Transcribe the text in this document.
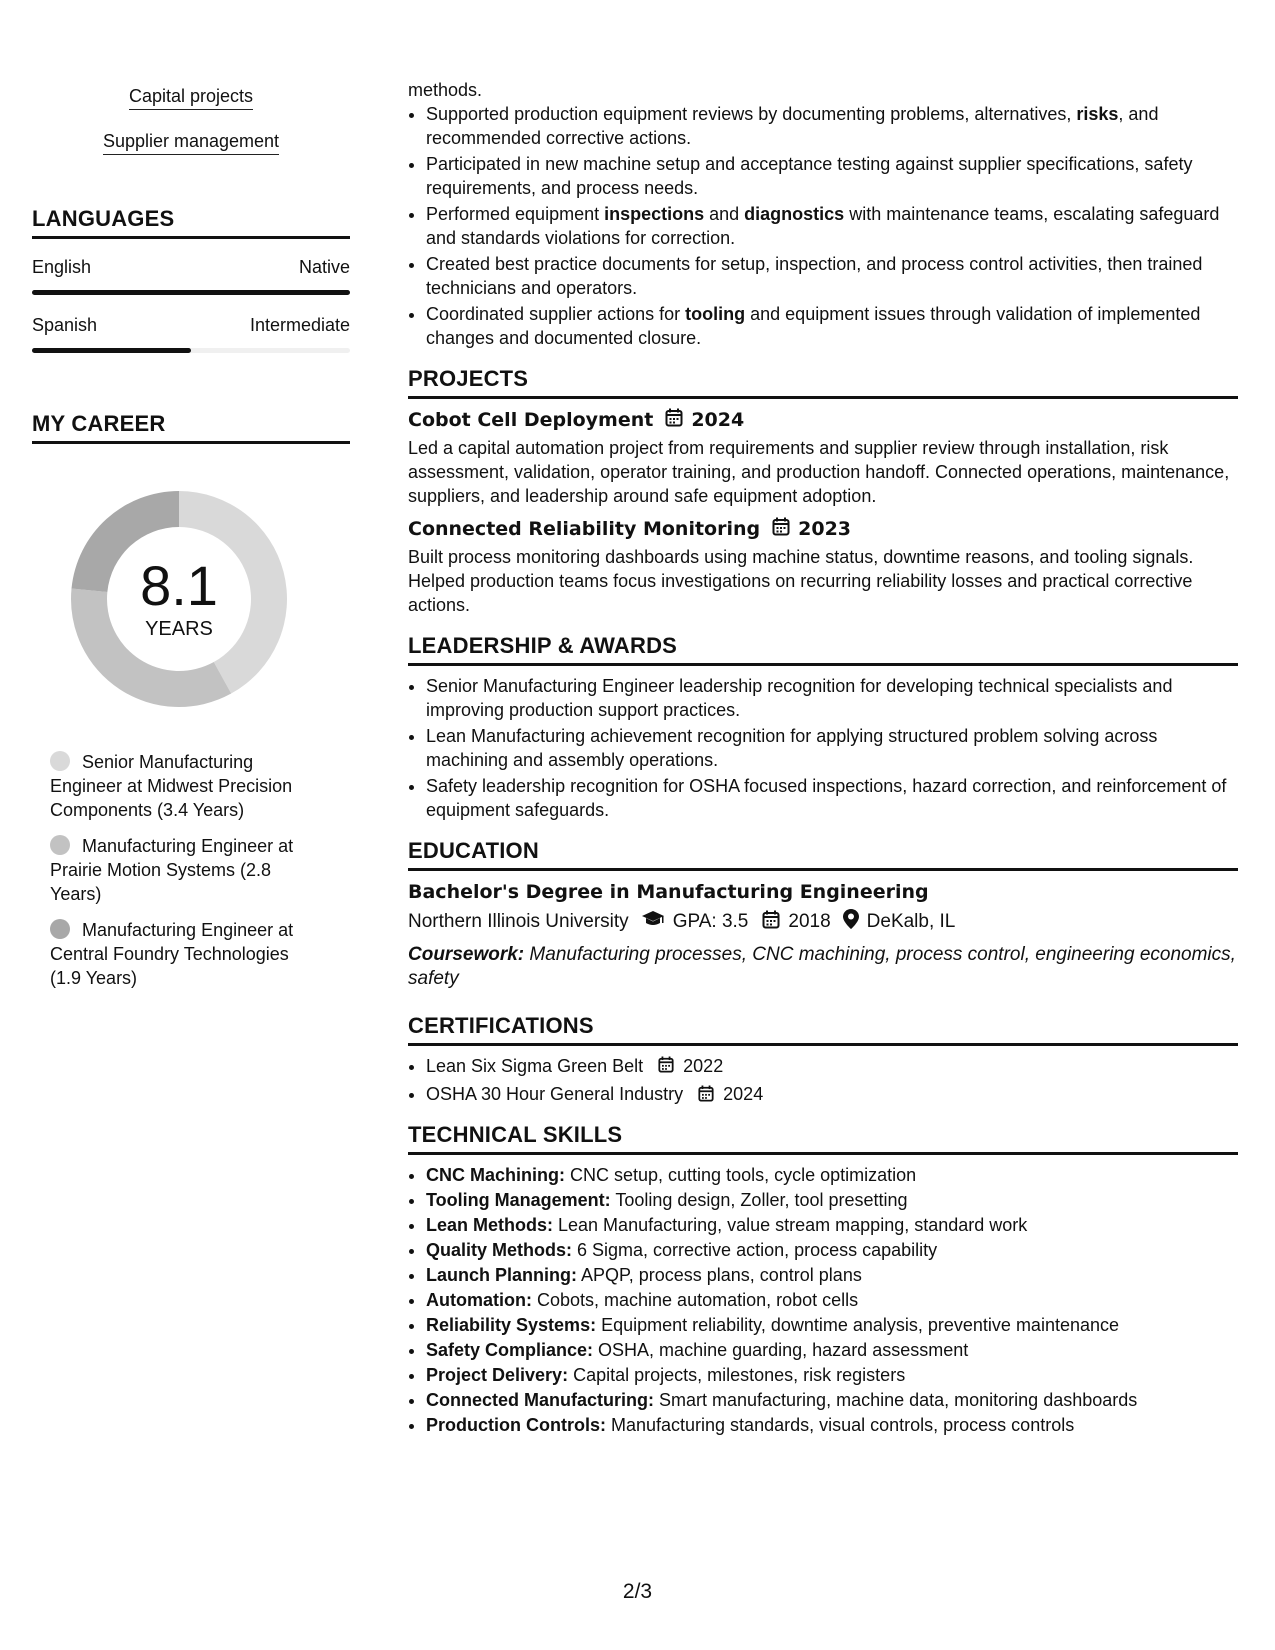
Capital projects
Supplier management
LANGUAGES
English	Native
Spanish	Intermediate
MY CAREER
8.1
YEARS
Senior Manufacturing Engineer at Midwest Precision Components (3.4 Years)
Manufacturing Engineer at Prairie Motion Systems (2.8 Years)
Manufacturing Engineer at Central Foundry Technologies (1.9 Years)
methods.
• Supported production equipment reviews by documenting problems, alternatives, risks, and recommended corrective actions.
• Participated in new machine setup and acceptance testing against supplier specifications, safety requirements, and process needs.
• Performed equipment inspections and diagnostics with maintenance teams, escalating safeguard and standards violations for correction.
• Created best practice documents for setup, inspection, and process control activities, then trained technicians and operators.
• Coordinated supplier actions for tooling and equipment issues through validation of implemented changes and documented closure.
PROJECTS
Cobot Cell Deployment 2024
Led a capital automation project from requirements and supplier review through installation, risk assessment, validation, operator training, and production handoff. Connected operations, maintenance, suppliers, and leadership around safe equipment adoption.
Connected Reliability Monitoring 2023
Built process monitoring dashboards using machine status, downtime reasons, and tooling signals. Helped production teams focus investigations on recurring reliability losses and practical corrective actions.
LEADERSHIP & AWARDS
• Senior Manufacturing Engineer leadership recognition for developing technical specialists and improving production support practices.
• Lean Manufacturing achievement recognition for applying structured problem solving across machining and assembly operations.
• Safety leadership recognition for OSHA focused inspections, hazard correction, and reinforcement of equipment safeguards.
EDUCATION
Bachelor's Degree in Manufacturing Engineering
Northern Illinois University GPA: 3.5 2018 DeKalb, IL
Coursework: Manufacturing processes, CNC machining, process control, engineering economics, safety
CERTIFICATIONS
• Lean Six Sigma Green Belt 2022
• OSHA 30 Hour General Industry 2024
TECHNICAL SKILLS
• CNC Machining: CNC setup, cutting tools, cycle optimization
• Tooling Management: Tooling design, Zoller, tool presetting
• Lean Methods: Lean Manufacturing, value stream mapping, standard work
• Quality Methods: 6 Sigma, corrective action, process capability
• Launch Planning: APQP, process plans, control plans
• Automation: Cobots, machine automation, robot cells
• Reliability Systems: Equipment reliability, downtime analysis, preventive maintenance
• Safety Compliance: OSHA, machine guarding, hazard assessment
• Project Delivery: Capital projects, milestones, risk registers
• Connected Manufacturing: Smart manufacturing, machine data, monitoring dashboards
• Production Controls: Manufacturing standards, visual controls, process controls
2/3
